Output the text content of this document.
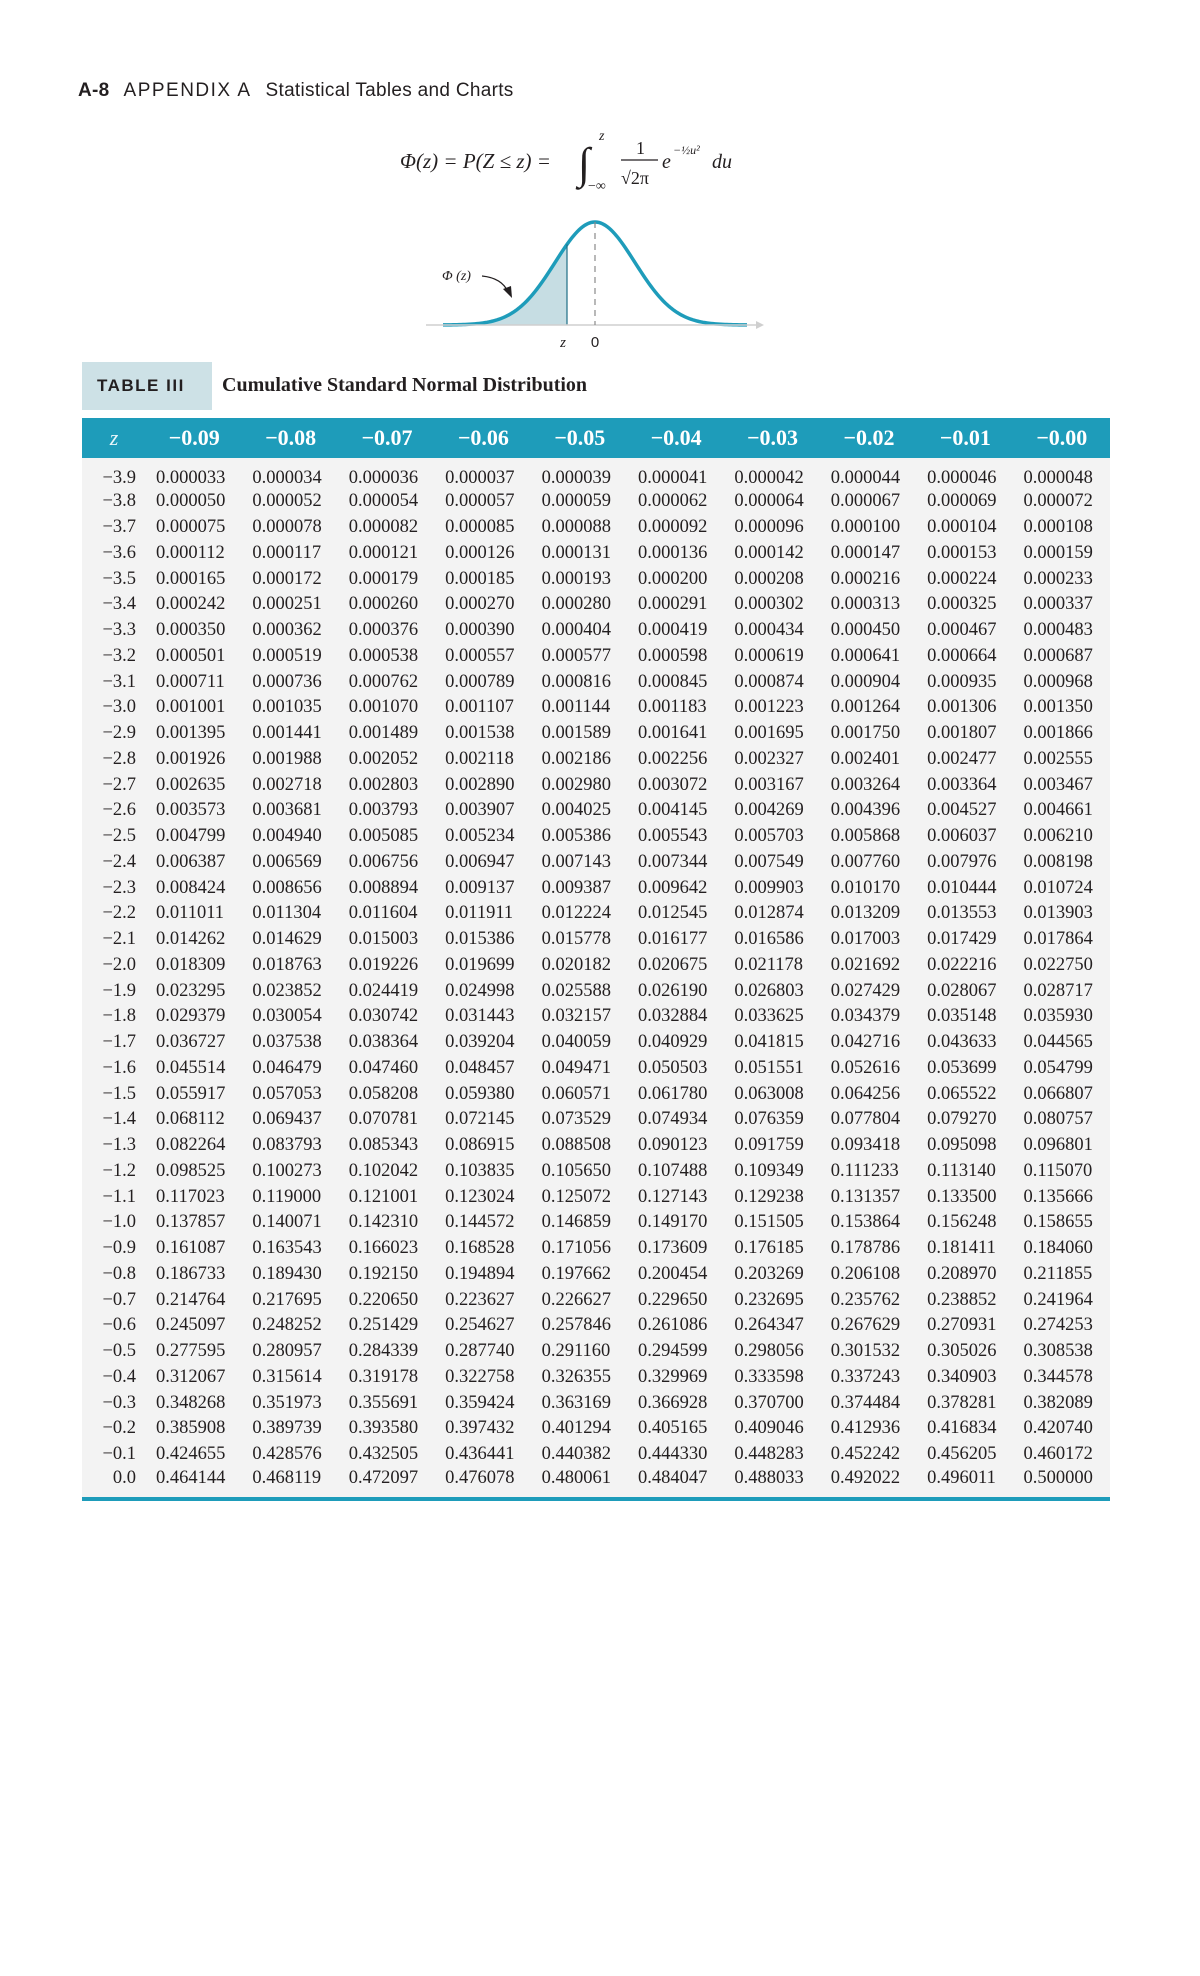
A-8 APPENDIX A Statistical Tables and Charts
Φ(z) = P(Z ≤ z) = ∫
z
−∞
1
√2π
e
−½u²
du
Φ (z)
z 0
TABLE III Cumulative Standard Normal Distribution
z	−0.09	−0.08	−0.07	−0.06	−0.05	−0.04	−0.03	−0.02	−0.01	−0.00
−3.9	0.000033	0.000034	0.000036	0.000037	0.000039	0.000041	0.000042	0.000044	0.000046	0.000048
−3.8	0.000050	0.000052	0.000054	0.000057	0.000059	0.000062	0.000064	0.000067	0.000069	0.000072
−3.7	0.000075	0.000078	0.000082	0.000085	0.000088	0.000092	0.000096	0.000100	0.000104	0.000108
−3.6	0.000112	0.000117	0.000121	0.000126	0.000131	0.000136	0.000142	0.000147	0.000153	0.000159
−3.5	0.000165	0.000172	0.000179	0.000185	0.000193	0.000200	0.000208	0.000216	0.000224	0.000233
−3.4	0.000242	0.000251	0.000260	0.000270	0.000280	0.000291	0.000302	0.000313	0.000325	0.000337
−3.3	0.000350	0.000362	0.000376	0.000390	0.000404	0.000419	0.000434	0.000450	0.000467	0.000483
−3.2	0.000501	0.000519	0.000538	0.000557	0.000577	0.000598	0.000619	0.000641	0.000664	0.000687
−3.1	0.000711	0.000736	0.000762	0.000789	0.000816	0.000845	0.000874	0.000904	0.000935	0.000968
−3.0	0.001001	0.001035	0.001070	0.001107	0.001144	0.001183	0.001223	0.001264	0.001306	0.001350
−2.9	0.001395	0.001441	0.001489	0.001538	0.001589	0.001641	0.001695	0.001750	0.001807	0.001866
−2.8	0.001926	0.001988	0.002052	0.002118	0.002186	0.002256	0.002327	0.002401	0.002477	0.002555
−2.7	0.002635	0.002718	0.002803	0.002890	0.002980	0.003072	0.003167	0.003264	0.003364	0.003467
−2.6	0.003573	0.003681	0.003793	0.003907	0.004025	0.004145	0.004269	0.004396	0.004527	0.004661
−2.5	0.004799	0.004940	0.005085	0.005234	0.005386	0.005543	0.005703	0.005868	0.006037	0.006210
−2.4	0.006387	0.006569	0.006756	0.006947	0.007143	0.007344	0.007549	0.007760	0.007976	0.008198
−2.3	0.008424	0.008656	0.008894	0.009137	0.009387	0.009642	0.009903	0.010170	0.010444	0.010724
−2.2	0.011011	0.011304	0.011604	0.011911	0.012224	0.012545	0.012874	0.013209	0.013553	0.013903
−2.1	0.014262	0.014629	0.015003	0.015386	0.015778	0.016177	0.016586	0.017003	0.017429	0.017864
−2.0	0.018309	0.018763	0.019226	0.019699	0.020182	0.020675	0.021178	0.021692	0.022216	0.022750
−1.9	0.023295	0.023852	0.024419	0.024998	0.025588	0.026190	0.026803	0.027429	0.028067	0.028717
−1.8	0.029379	0.030054	0.030742	0.031443	0.032157	0.032884	0.033625	0.034379	0.035148	0.035930
−1.7	0.036727	0.037538	0.038364	0.039204	0.040059	0.040929	0.041815	0.042716	0.043633	0.044565
−1.6	0.045514	0.046479	0.047460	0.048457	0.049471	0.050503	0.051551	0.052616	0.053699	0.054799
−1.5	0.055917	0.057053	0.058208	0.059380	0.060571	0.061780	0.063008	0.064256	0.065522	0.066807
−1.4	0.068112	0.069437	0.070781	0.072145	0.073529	0.074934	0.076359	0.077804	0.079270	0.080757
−1.3	0.082264	0.083793	0.085343	0.086915	0.088508	0.090123	0.091759	0.093418	0.095098	0.096801
−1.2	0.098525	0.100273	0.102042	0.103835	0.105650	0.107488	0.109349	0.111233	0.113140	0.115070
−1.1	0.117023	0.119000	0.121001	0.123024	0.125072	0.127143	0.129238	0.131357	0.133500	0.135666
−1.0	0.137857	0.140071	0.142310	0.144572	0.146859	0.149170	0.151505	0.153864	0.156248	0.158655
−0.9	0.161087	0.163543	0.166023	0.168528	0.171056	0.173609	0.176185	0.178786	0.181411	0.184060
−0.8	0.186733	0.189430	0.192150	0.194894	0.197662	0.200454	0.203269	0.206108	0.208970	0.211855
−0.7	0.214764	0.217695	0.220650	0.223627	0.226627	0.229650	0.232695	0.235762	0.238852	0.241964
−0.6	0.245097	0.248252	0.251429	0.254627	0.257846	0.261086	0.264347	0.267629	0.270931	0.274253
−0.5	0.277595	0.280957	0.284339	0.287740	0.291160	0.294599	0.298056	0.301532	0.305026	0.308538
−0.4	0.312067	0.315614	0.319178	0.322758	0.326355	0.329969	0.333598	0.337243	0.340903	0.344578
−0.3	0.348268	0.351973	0.355691	0.359424	0.363169	0.366928	0.370700	0.374484	0.378281	0.382089
−0.2	0.385908	0.389739	0.393580	0.397432	0.401294	0.405165	0.409046	0.412936	0.416834	0.420740
−0.1	0.424655	0.428576	0.432505	0.436441	0.440382	0.444330	0.448283	0.452242	0.456205	0.460172
0.0	0.464144	0.468119	0.472097	0.476078	0.480061	0.484047	0.488033	0.492022	0.496011	0.500000
